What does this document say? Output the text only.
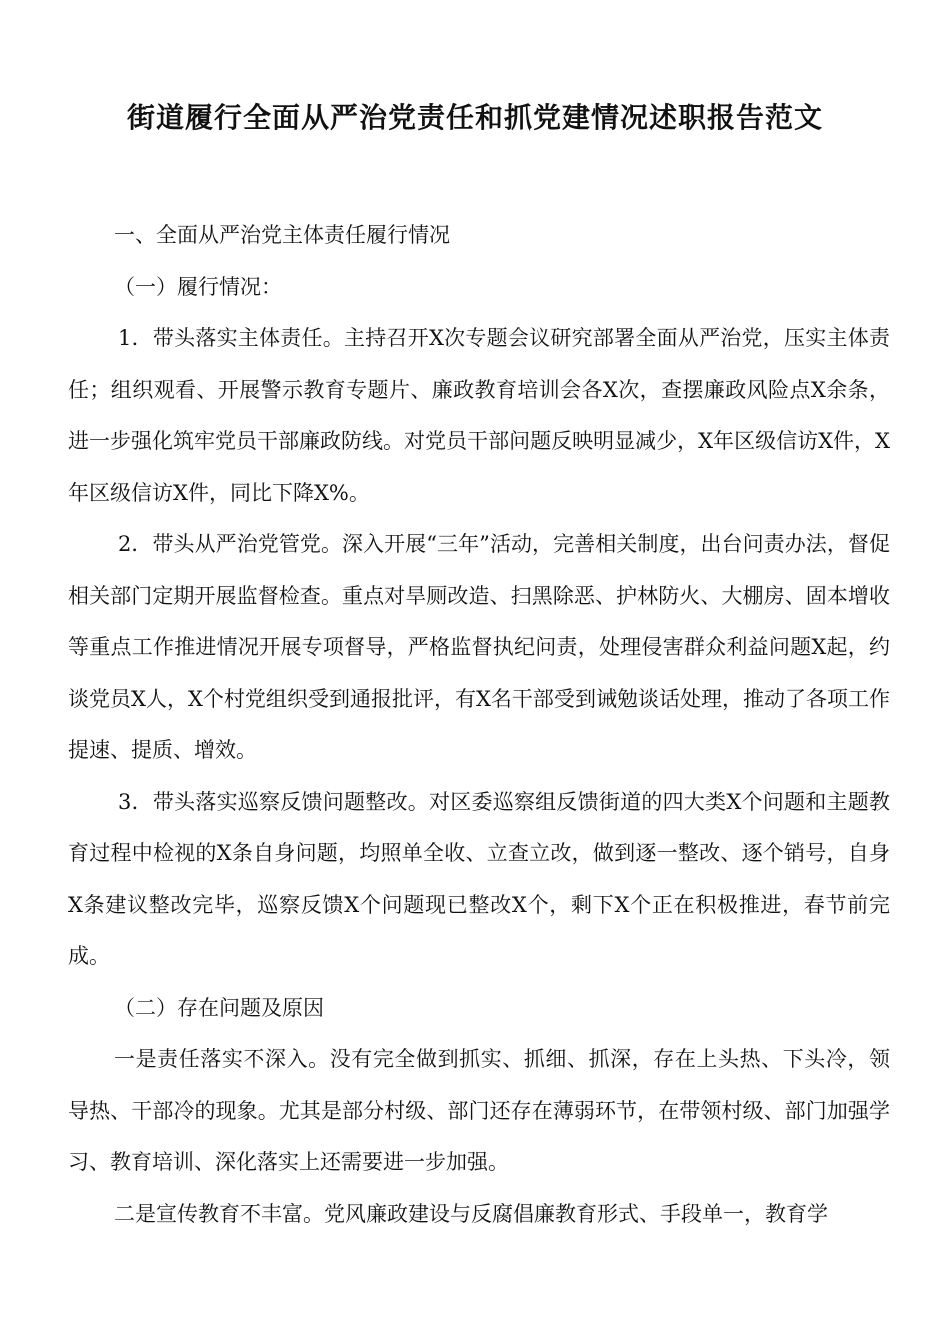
街道履行全面从严治党责任和抓党建情况述职报告范文

一、全面从严治党主体责任履行情况

（一）履行情况：

1．带头落实主体责任。主持召开X次专题会议研究部署全面从严治党，压实主体责任；组织观看、开展警示教育专题片、廉政教育培训会各X次，查摆廉政风险点X余条，进一步强化筑牢党员干部廉政防线。对党员干部问题反映明显减少，X年区级信访X件，X年区级信访X件，同比下降X%。

2．带头从严治党管党。深入开展“三年”活动，完善相关制度，出台问责办法，督促相关部门定期开展监督检查。重点对旱厕改造、扫黑除恶、护林防火、大棚房、固本增收等重点工作推进情况开展专项督导，严格监督执纪问责，处理侵害群众利益问题X起，约谈党员X人，X个村党组织受到通报批评，有X名干部受到诫勉谈话处理，推动了各项工作提速、提质、增效。

3．带头落实巡察反馈问题整改。对区委巡察组反馈街道的四大类X个问题和主题教育过程中检视的X条自身问题，均照单全收、立查立改，做到逐一整改、逐个销号，自身X条建议整改完毕，巡察反馈X个问题现已整改X个，剩下X个正在积极推进，春节前完成。

（二）存在问题及原因

一是责任落实不深入。没有完全做到抓实、抓细、抓深，存在上头热、下头冷，领导热、干部冷的现象。尤其是部分村级、部门还存在薄弱环节，在带领村级、部门加强学习、教育培训、深化落实上还需要进一步加强。

二是宣传教育不丰富。党风廉政建设与反腐倡廉教育形式、手段单一，教育学
